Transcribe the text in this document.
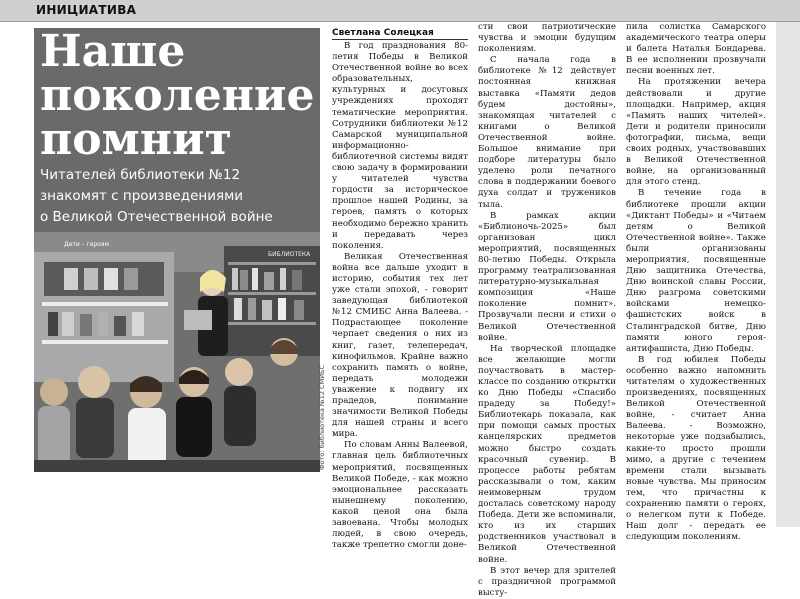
ИНИЦИАТИВА
Наше
поколение
помнит
Читателей библиотеки №12
знакомят с произведениями
о Великой Отечественной войне
БИБЛИОТЕКА
Дети – героям
Фото: библиотека №12 СМИБС
Светлана Солецкая

В год празднования 80-летия Победы в Великой Отечественной войне во всех образовательных, культурных и досуговых учреждениях проходят тематические мероприятия. Сотрудники библиотеки №12 Самарской муниципальной информационно-библиотечной системы видят свою задачу в формировании у читателей чувства гордости за историческое прошлое нашей Родины, за героев, память о которых необходимо бережно хранить и передавать через поколения.

Великая Отечественная война все дальше уходит в историю, события тех лет уже стали эпохой, - говорит заведующая библиотекой №12 СМИБС Анна Валеева. - Подрастающее поколение черпает сведения о них из книг, газет, телепередач, кинофильмов. Крайне важно сохранить память о войне, передать молодежи уважение к подвигу их прадедов, понимание значимости Великой Победы для нашей страны и всего мира.

По словам Анны Валеевой, главная цель библиотечных мероприятий, посвященных Великой Победе, - как можно эмоциональнее рассказать нынешнему поколению, какой ценой она была завоевана. Чтобы молодых людей, в свою очередь, также трепетно смогли доне-

сти свои патриотические чувства и эмоции будущим поколениям.

С начала года в библиотеке №12 действует постоянная книжная выставка «Памяти дедов будем достойны», знакомящая читателей с книгами о Великой Отечественной войне. Большое внимание при подборе литературы было уделено роли печатного слова в поддержании боевого духа солдат и тружеников тыла.

В рамках акции «Библионочь-2025» был организован цикл мероприятий, посвященных 80-летию Победы. Открыла программу театрализованная литературно-музыкальная композиция «Наше поколение помнит». Прозвучали песни и стихи о Великой Отечественной войне.

На творческой площадке все желающие могли поучаствовать в мастер-классе по созданию открытки ко Дню Победы «Спасибо прадеду за Победу!» Библиотекарь показала, как при помощи самых простых канцелярских предметов можно быстро создать красочный сувенир. В процессе работы ребятам рассказывали о том, каким неимоверным трудом досталась советскому народу Победа. Дети же вспоминали, кто из их старших родственников участвовал в Великой Отечественной войне.

В этот вечер для зрителей с праздничной программой высту-

пила солистка Самарского академического театра оперы и балета Наталья Бондарева. В ее исполнении прозвучали песни военных лет.

На протяжении вечера действовали и другие площадки. Например, акция «Память наших чителей». Дети и родители приносили фотографии, письма, вещи своих родных, участвовавших в Великой Отечественной войне, на организованный для этого стенд.

В течение года в библиотеке прошли акции «Диктант Победы» и «Читаем детям о Великой Отечественной войне». Также были организованы мероприятия, посвященные Дню защитника Отечества, Дню воинской славы России, Дню разгрома советскими войсками немецко-фашистских войск в Сталинградской битве, Дню памяти юного героя-антифашиста, Дню Победы.

В год юбилея Победы особенно важно напомнить читателям о художественных произведениях, посвященных Великой Отечественной войне, - считает Анна Валеева. - Возможно, некоторые уже подзабылись, какие-то просто прошли мимо, а другие с течением времени стали вызывать новые чувства. Мы приносим тем, что причастны к сохранению памяти о героях, о нелегком пути к Победе. Наш долг - передать ее следующим поколениям.
